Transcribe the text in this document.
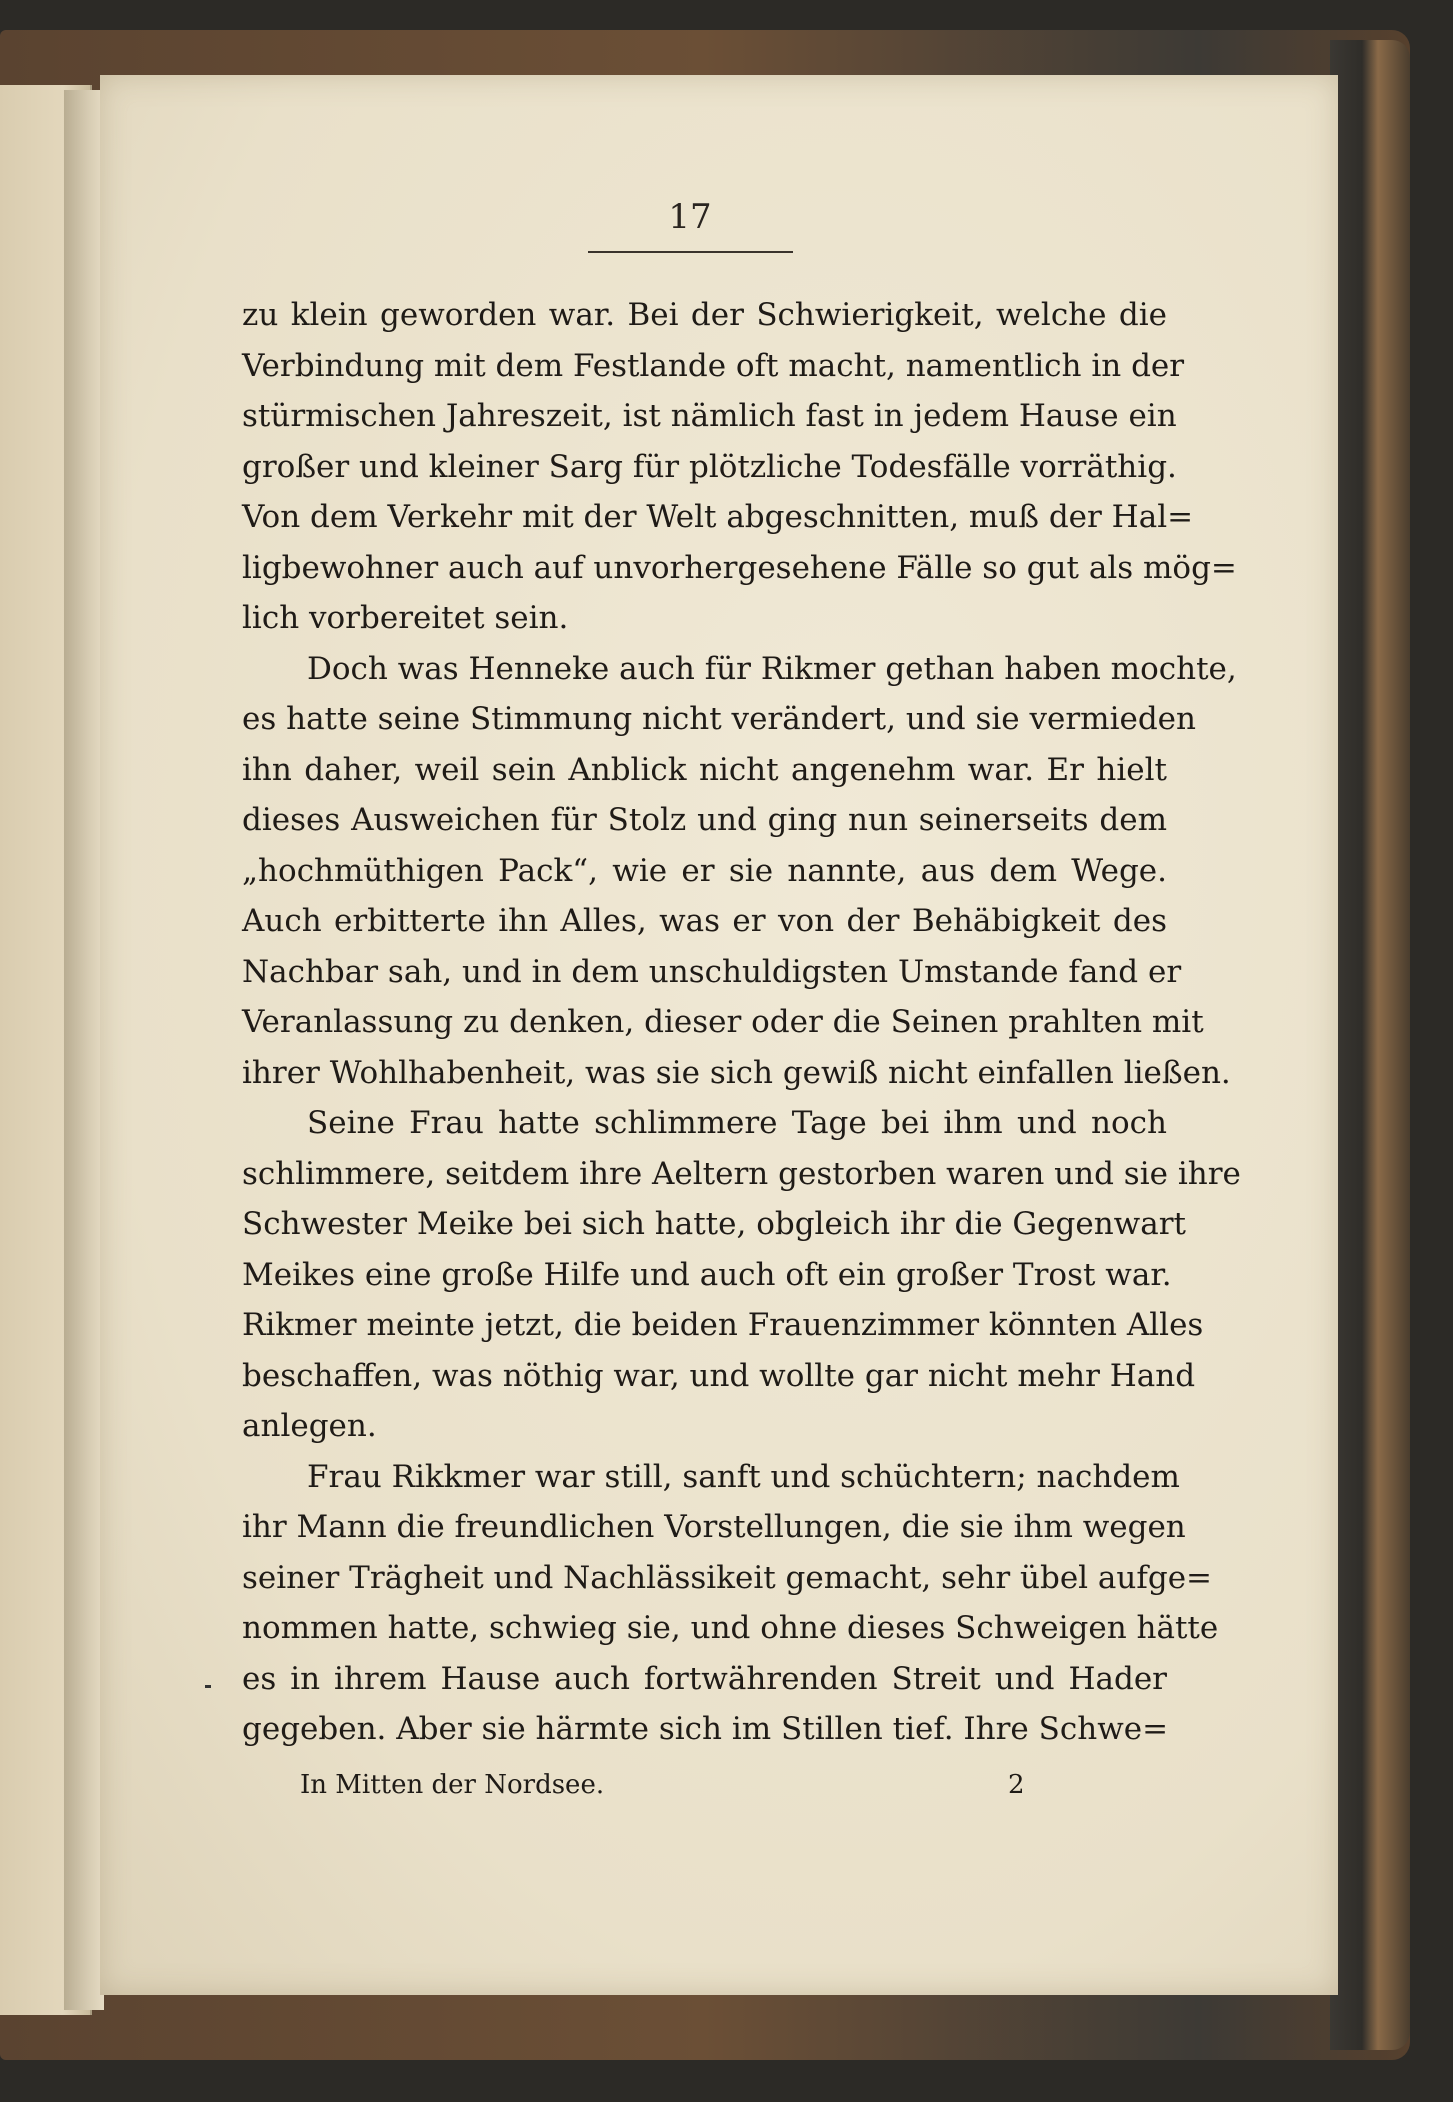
17
zu klein geworden war. Bei der Schwierigkeit, welche die
Verbindung mit dem Festlande oft macht, namentlich in der
stürmischen Jahreszeit, ist nämlich fast in jedem Hause ein
großer und kleiner Sarg für plötzliche Todesfälle vorräthig.
Von dem Verkehr mit der Welt abgeschnitten, muß der Hal=
ligbewohner auch auf unvorhergesehene Fälle so gut als mög=
lich vorbereitet sein.
Doch was Henneke auch für Rikmer gethan haben mochte,
es hatte seine Stimmung nicht verändert, und sie vermieden
ihn daher, weil sein Anblick nicht angenehm war. Er hielt
dieses Ausweichen für Stolz und ging nun seinerseits dem
„hochmüthigen Pack“, wie er sie nannte, aus dem Wege.
Auch erbitterte ihn Alles, was er von der Behäbigkeit des
Nachbar sah, und in dem unschuldigsten Umstande fand er
Veranlassung zu denken, dieser oder die Seinen prahlten mit
ihrer Wohlhabenheit, was sie sich gewiß nicht einfallen ließen.
Seine Frau hatte schlimmere Tage bei ihm und noch
schlimmere, seitdem ihre Aeltern gestorben waren und sie ihre
Schwester Meike bei sich hatte, obgleich ihr die Gegenwart
Meikes eine große Hilfe und auch oft ein großer Trost war.
Rikmer meinte jetzt, die beiden Frauenzimmer könnten Alles
beschaffen, was nöthig war, und wollte gar nicht mehr Hand
anlegen.
Frau Rikkmer war still, sanft und schüchtern; nachdem
ihr Mann die freundlichen Vorstellungen, die sie ihm wegen
seiner Trägheit und Nachlässikeit gemacht, sehr übel aufge=
nommen hatte, schwieg sie, und ohne dieses Schweigen hätte
es in ihrem Hause auch fortwährenden Streit und Hader
gegeben. Aber sie härmte sich im Stillen tief. Ihre Schwe=
In Mitten der Nordsee.	2
